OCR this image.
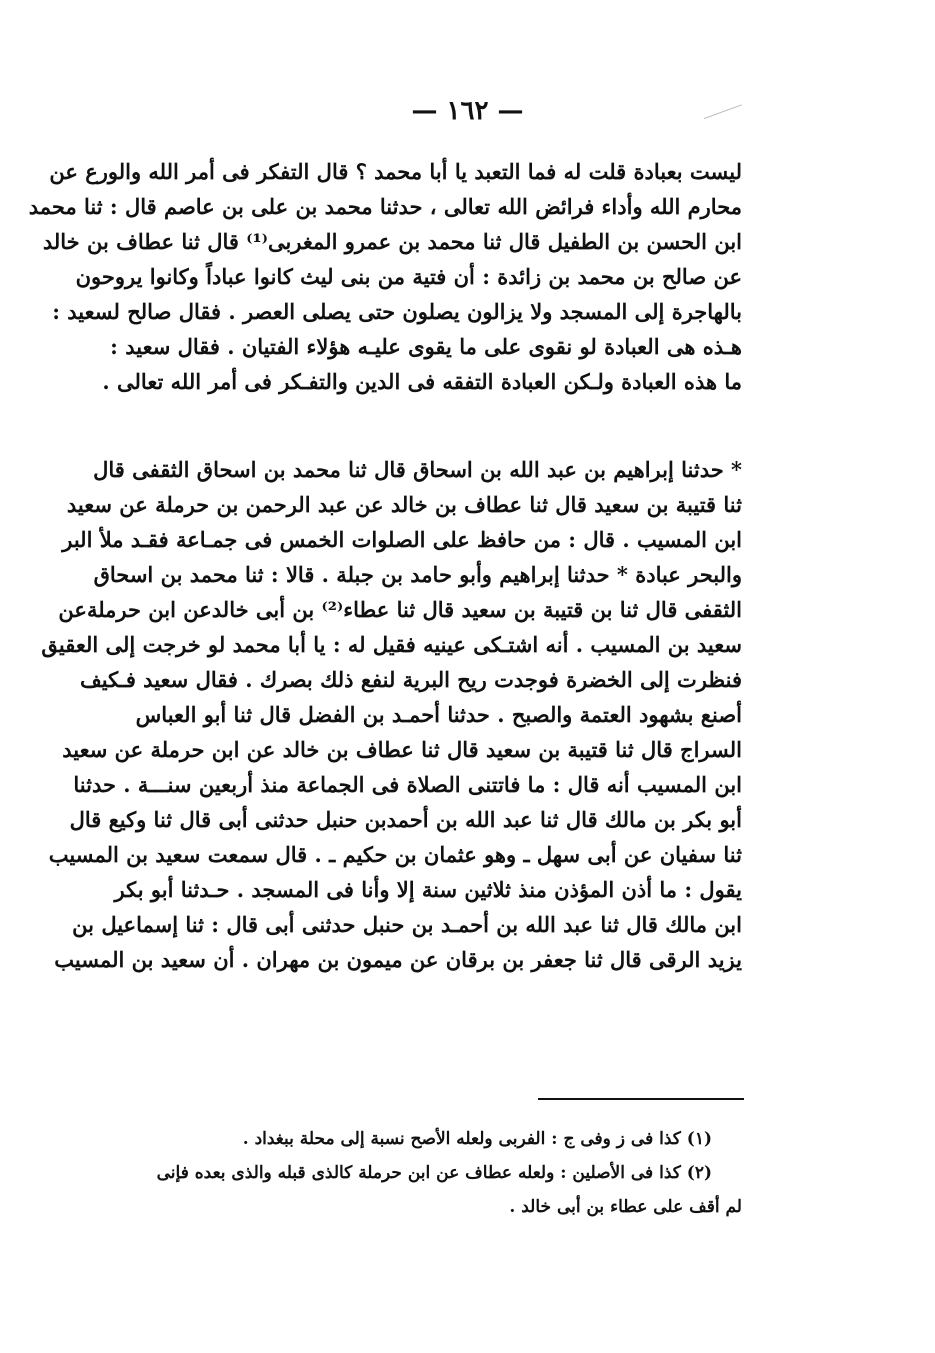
— ١٦٢ —
ليست بعبادة قلت له فما التعبد يا أبا محمد ؟ قال التفكر فى أمر الله والورع عن
محارم الله وأداء فرائض الله تعالى ، حدثنا محمد بن على بن عاصم قال : ثنا محمد
ابن الحسن بن الطفيل قال ثنا محمد بن عمرو المغربى⁽¹⁾ قال ثنا عطاف بن خالد
عن صالح بن محمد بن زائدة : أن فتية من بنى ليث كانوا عباداً وكانوا يروحون
بالهاجرة إلى المسجد ولا يزالون يصلون حتى يصلى العصر . فقال صالح لسعيد :
هـذه هى العبادة لو نقوى على ما يقوى عليـه هؤلاء الفتيان . فقال سعيد :
ما هذه العبادة ولـكن العبادة التفقه فى الدين والتفـكر فى أمر الله تعالى .
* حدثنا إبراهيم بن عبد الله بن اسحاق قال ثنا محمد بن اسحاق الثقفى قال
ثنا قتيبة بن سعيد قال ثنا عطاف بن خالد عن عبد الرحمن بن حرملة عن سعيد
ابن المسيب . قال : من حافظ على الصلوات الخمس فى جمـاعة فقـد ملأ البر
والبحر عبادة * حدثنا إبراهيم وأبو حامد بن جبلة . قالا : ثنا محمد بن اسحاق
الثقفى قال ثنا بن قتيبة بن سعيد قال ثنا عطاء⁽²⁾ بن أبى خالدعن ابن حرملةعن
سعيد بن المسيب . أنه اشتـكى عينيه فقيل له : يا أبا محمد لو خرجت إلى العقيق
فنظرت إلى الخضرة فوجدت ريح البرية لنفع ذلك بصرك . فقال سعيد فـكيف
أصنع بشهود العتمة والصبح . حدثنا أحمـد بن الفضل قال ثنا أبو العباس
السراج قال ثنا قتيبة بن سعيد قال ثنا عطاف بن خالد عن ابن حرملة عن سعيد
ابن المسيب أنه قال : ما فاتتنى الصلاة فى الجماعة منذ أربعين سنـــة . حدثنا
أبو بكر بن مالك قال ثنا عبد الله بن أحمدبن حنبل حدثنى أبى قال ثنا وكيع قال
ثنا سفيان عن أبى سهل ـ وهو عثمان بن حكيم ـ . قال سمعت سعيد بن المسيب
يقول : ما أذن المؤذن منذ ثلاثين سنة إلا وأنا فى المسجد . حـدثنا أبو بكر
ابن مالك قال ثنا عبد الله بن أحمـد بن حنبل حدثنى أبى قال : ثنا إسماعيل بن
يزيد الرقى قال ثنا جعفر بن برقان عن ميمون بن مهران . أن سعيد بن المسيب
(١) كذا فى ز وفى ج : الفربى ولعله الأصح نسبة إلى محلة ببغداد .
(٢) كذا فى الأصلين : ولعله عطاف عن ابن حرملة كالذى قبله والذى بعده فإنى
لم أقف على عطاء بن أبى خالد .
